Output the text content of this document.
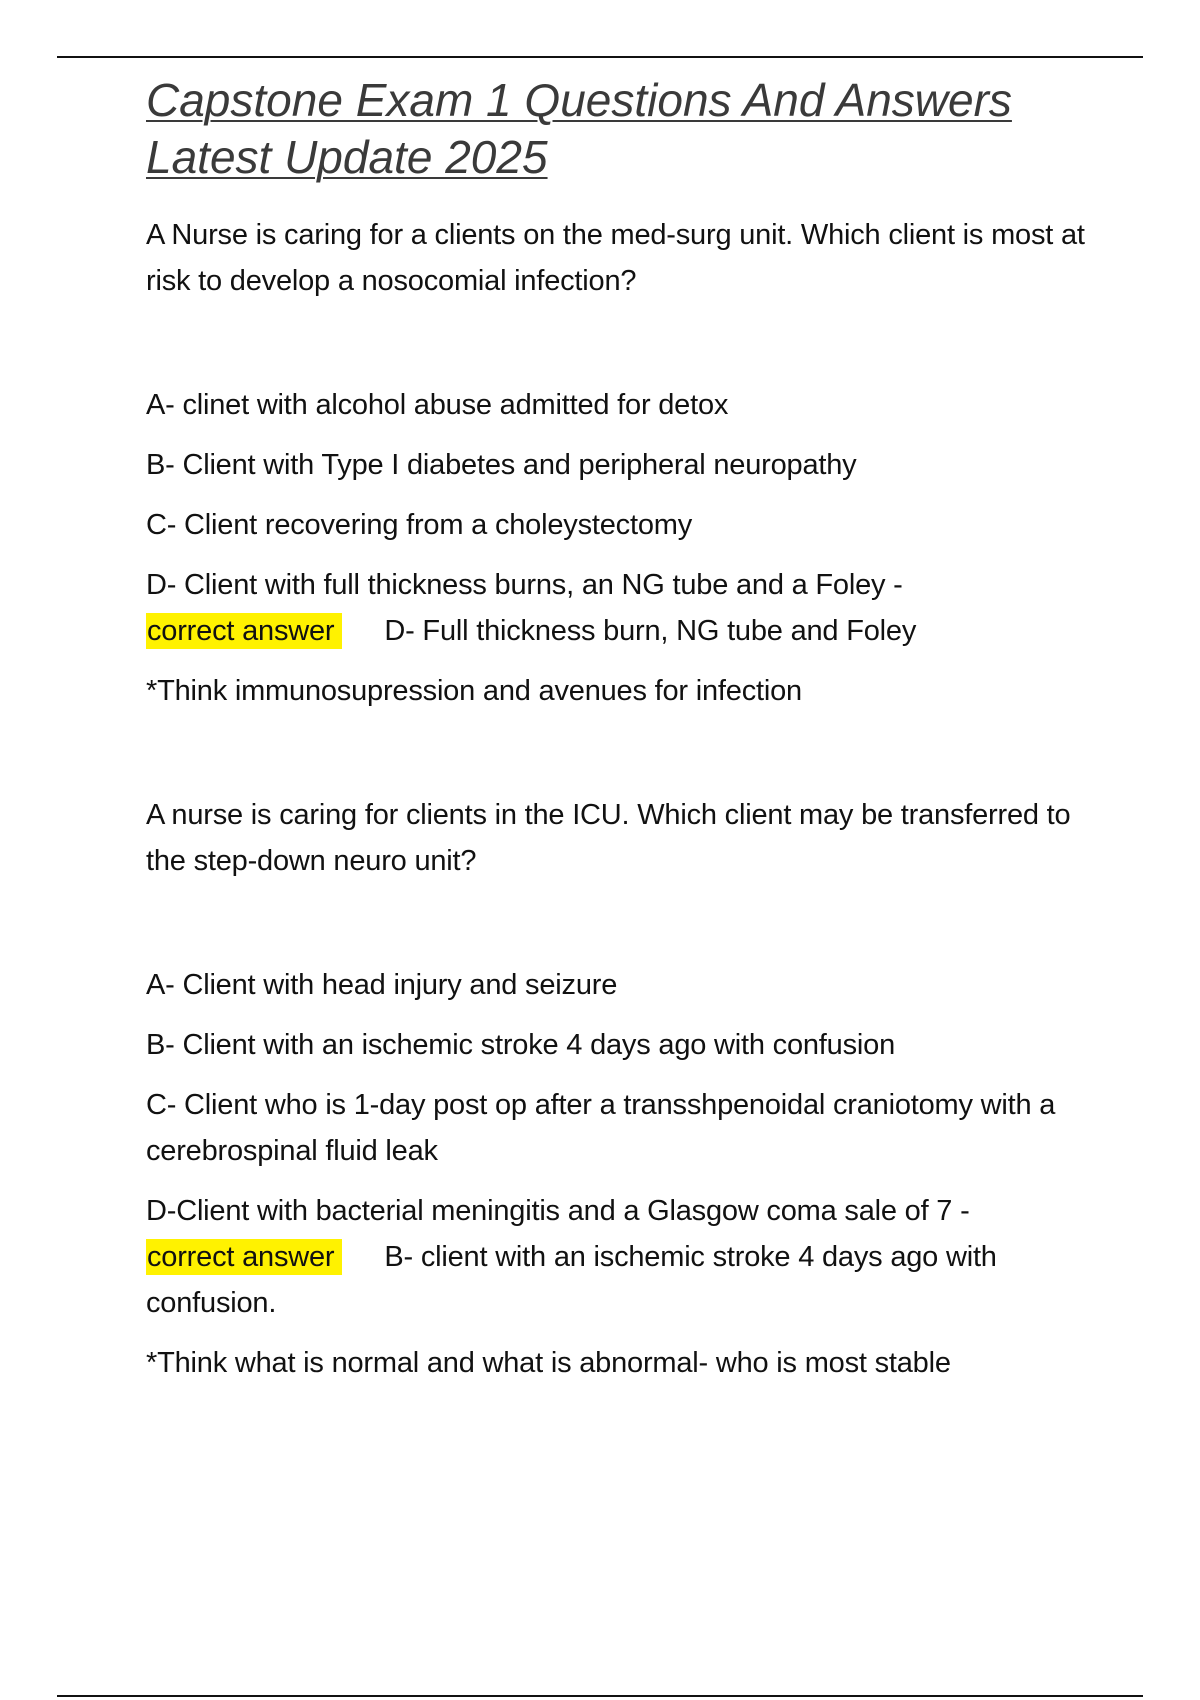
Capstone Exam 1 Questions And Answers
Latest Update 2025

A Nurse is caring for a clients on the med-surg unit. Which client is most at risk to develop a nosocomial infection?

A- clinet with alcohol abuse admitted for detox

B- Client with Type I diabetes and peripheral neuropathy

C- Client recovering from a choleystectomy

D- Client with full thickness burns, an NG tube and a Foley -
correct answer D- Full thickness burn, NG tube and Foley

*Think immunosupression and avenues for infection

A nurse is caring for clients in the ICU. Which client may be transferred to the step-down neuro unit?

A- Client with head injury and seizure

B- Client with an ischemic stroke 4 days ago with confusion

C- Client who is 1-day post op after a transshpenoidal craniotomy with a cerebrospinal fluid leak

D-Client with bacterial meningitis and a Glasgow coma sale of 7 -
correct answer B- client with an ischemic stroke 4 days ago with confusion.

*Think what is normal and what is abnormal- who is most stable
